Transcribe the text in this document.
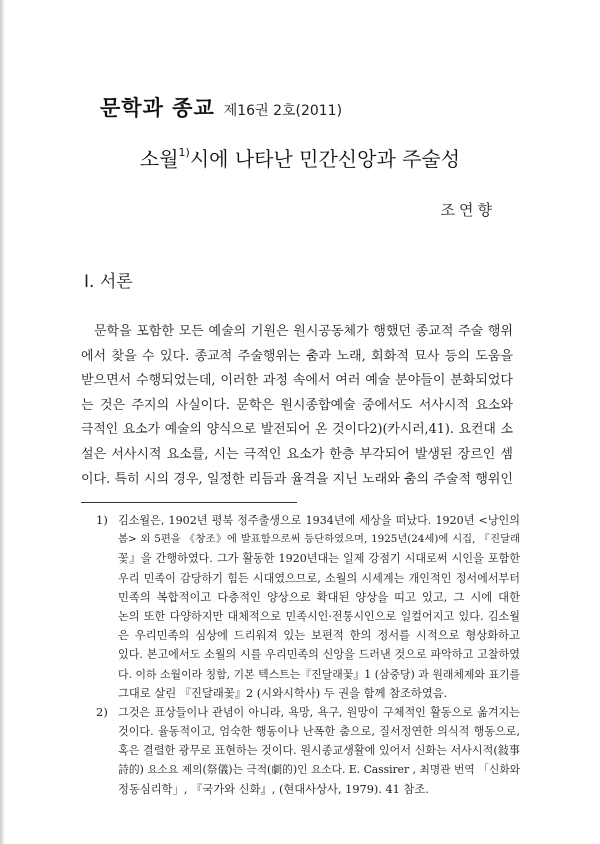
문학과 종교 제16권 2호(2011)
소월$^{1)}$시에 나타난 민간신앙과 주술성
조연향
I. 서론
문학을 포함한 모든 예술의 기원은 원시공동체가 행했던 종교적 주술 행위
에서 찾을 수 있다. 종교적 주술행위는 춤과 노래, 회화적 묘사 등의 도움을
받으면서 수행되었는데, 이러한 과정 속에서 여러 예술 분야들이 분화되었다
는 것은 주지의 사실이다. 문학은 원시종합예술 중에서도 서사시적 요소와
극적인 요소가 예술의 양식으로 발전되어 온 것이다2)(카시러,41). 요컨대 소
설은 서사시적 요소를, 시는 극적인 요소가 한층 부각되어 발생된 장르인 셈
이다. 특히 시의 경우, 일정한 리듬과 율격을 지닌 노래와 춤의 주술적 행위인
1) 김소월은, 1902년 평북 정주출생으로 1934년에 세상을 떠났다. 1920년 <낭인의
봄> 외 5편을 《창조》에 발표함으로써 등단하였으며, 1925년(24세)에 시집, 『진달래
꽃』을 간행하였다. 그가 활동한 1920년대는 일제 강점기 시대로써 시인을 포함한
우리 민족이 감당하기 힘든 시대였으므로, 소월의 시세계는 개인적인 정서에서부터
민족의 복합적이고 다층적인 양상으로 확대된 양상을 띠고 있고, 그 시에 대한
논의 또한 다양하지만 대체적으로 민족시인·전통시인으로 일컬어지고 있다. 김소월
은 우리민족의 심상에 드리워져 있는 보편적 한의 정서를 시적으로 형상화하고
있다. 본고에서도 소월의 시를 우리민족의 신앙을 드러낸 것으로 파악하고 고찰하였
다. 이하 소월이라 칭함, 기본 텍스트는『진달래꽃』1 (삼중당) 과 원래체제와 표기를
그대로 살린 『진달래꽃』2 (시와시학사) 두 권을 함께 참조하였음.
2) 그것은 표상들이나 관념이 아니라, 욕망, 욕구, 원망이 구체적인 활동으로 옮겨지는
것이다. 율동적이고, 엄숙한 행동이나 난폭한 춤으로, 질서정연한 의식적 행동으로,
혹은 결렬한 광무로 표현하는 것이다. 원시종교생활에 있어서 신화는 서사시적(敍事
詩的) 요소요 제의(祭儀)는 극적(劇的)인 요소다. E. Cassirer , 최명관 번역 「신화와
정동심리학」, 『국가와 신화』, (현대사상사, 1979). 41 참조.
